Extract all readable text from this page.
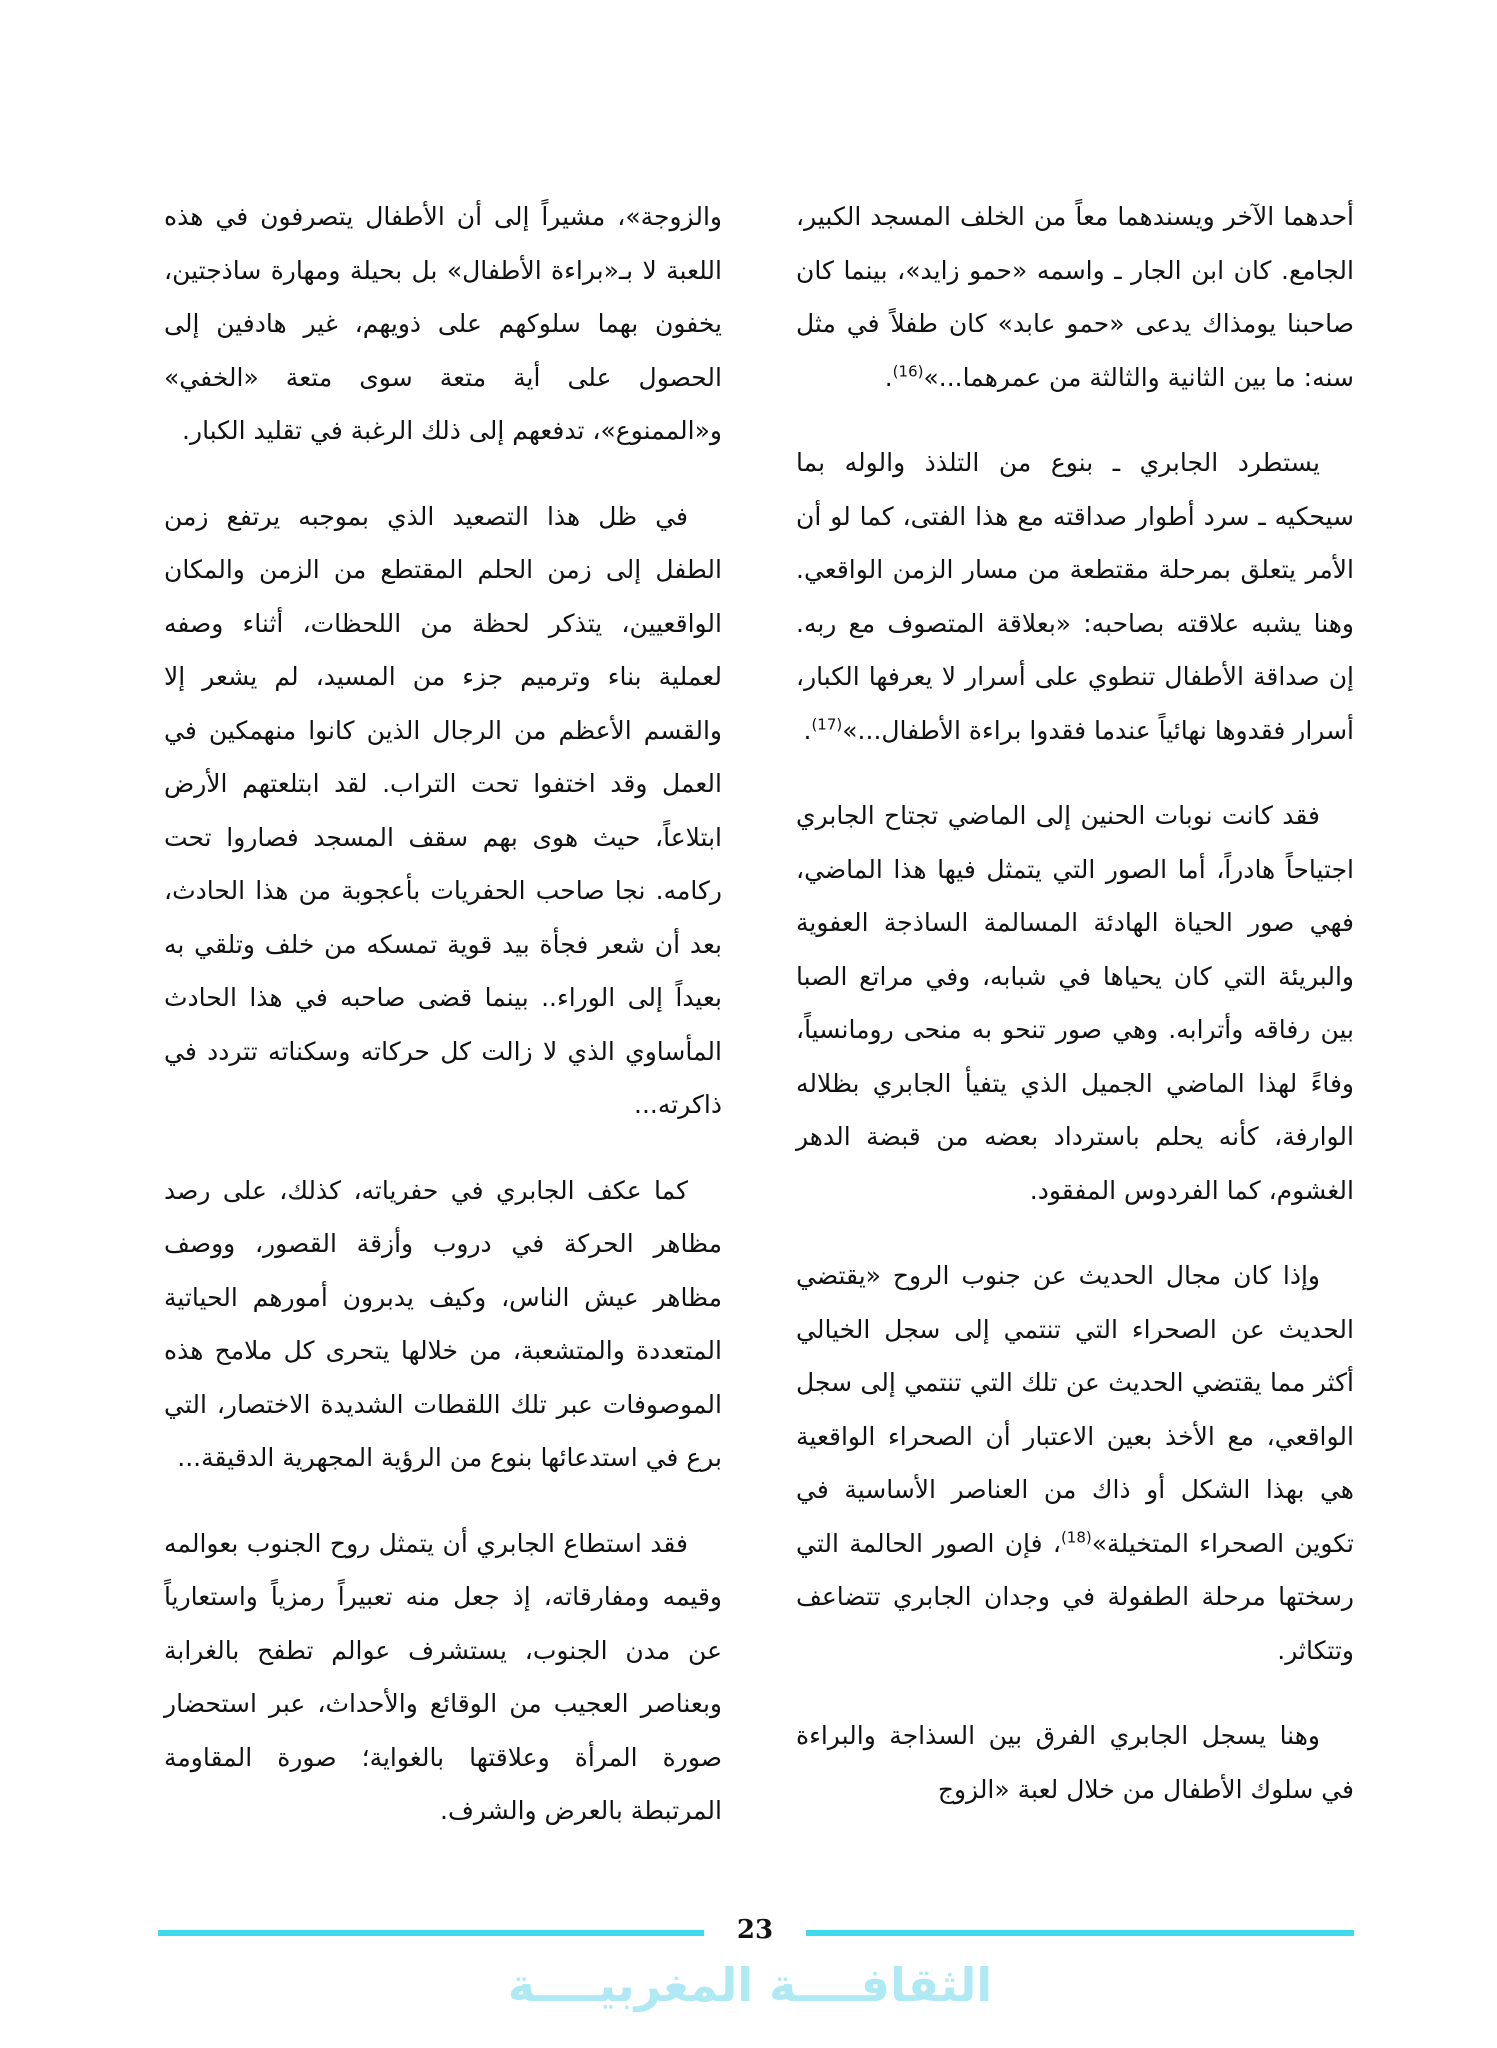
أحدهما الآخر ويسندهما معاً من الخلف المسجد الكبير، الجامع. كان ابن الجار ـ واسمه «حمو زايد»، بينما كان صاحبنا يومذاك يدعى «حمو عابد» كان طفلاً في مثل سنه: ما بين الثانية والثالثة من عمرهما...»$^{(16)}$.

يستطرد الجابري ـ بنوع من التلذذ والوله بما سيحكيه ـ سرد أطوار صداقته مع هذا الفتى، كما لو أن الأمر يتعلق بمرحلة مقتطعة من مسار الزمن الواقعي. وهنا يشبه علاقته بصاحبه: «بعلاقة المتصوف مع ربه. إن صداقة الأطفال تنطوي على أسرار لا يعرفها الكبار، أسرار فقدوها نهائياً عندما فقدوا براءة الأطفال...»$^{(17)}$.

فقد كانت نوبات الحنين إلى الماضي تجتاح الجابري اجتياحاً هادراً، أما الصور التي يتمثل فيها هذا الماضي، فهي صور الحياة الهادئة المسالمة الساذجة العفوية والبريئة التي كان يحياها في شبابه، وفي مراتع الصبا بين رفاقه وأترابه. وهي صور تنحو به منحى رومانسياً، وفاءً لهذا الماضي الجميل الذي يتفيأ الجابري بظلاله الوارفة، كأنه يحلم باسترداد بعضه من قبضة الدهر الغشوم، كما الفردوس المفقود.

وإذا كان مجال الحديث عن جنوب الروح «يقتضي الحديث عن الصحراء التي تنتمي إلى سجل الخيالي أكثر مما يقتضي الحديث عن تلك التي تنتمي إلى سجل الواقعي، مع الأخذ بعين الاعتبار أن الصحراء الواقعية هي بهذا الشكل أو ذاك من العناصر الأساسية في تكوين الصحراء المتخيلة»$^{(18)}$، فإن الصور الحالمة التي رسختها مرحلة الطفولة في وجدان الجابري تتضاعف وتتكاثر.

وهنا يسجل الجابري الفرق بين السذاجة والبراءة في سلوك الأطفال من خلال لعبة «الزوج

والزوجة»، مشيراً إلى أن الأطفال يتصرفون في هذه اللعبة لا بـ«براءة الأطفال» بل بحيلة ومهارة ساذجتين، يخفون بهما سلوكهم على ذويهم، غير هادفين إلى الحصول على أية متعة سوى متعة «الخفي» و«الممنوع»، تدفعهم إلى ذلك الرغبة في تقليد الكبار.

في ظل هذا التصعيد الذي بموجبه يرتفع زمن الطفل إلى زمن الحلم المقتطع من الزمن والمكان الواقعيين، يتذكر لحظة من اللحظات، أثناء وصفه لعملية بناء وترميم جزء من المسيد، لم يشعر إلا والقسم الأعظم من الرجال الذين كانوا منهمكين في العمل وقد اختفوا تحت التراب. لقد ابتلعتهم الأرض ابتلاعاً، حيث هوى بهم سقف المسجد فصاروا تحت ركامه. نجا صاحب الحفريات بأعجوبة من هذا الحادث، بعد أن شعر فجأة بيد قوية تمسكه من خلف وتلقي به بعيداً إلى الوراء.. بينما قضى صاحبه في هذا الحادث المأساوي الذي لا زالت كل حركاته وسكناته تتردد في ذاكرته...

كما عكف الجابري في حفرياته، كذلك، على رصد مظاهر الحركة في دروب وأزقة القصور، ووصف مظاهر عيش الناس، وكيف يدبرون أمورهم الحياتية المتعددة والمتشعبة، من خلالها يتحرى كل ملامح هذه الموصوفات عبر تلك اللقطات الشديدة الاختصار، التي برع في استدعائها بنوع من الرؤية المجهرية الدقيقة...

فقد استطاع الجابري أن يتمثل روح الجنوب بعوالمه وقيمه ومفارقاته، إذ جعل منه تعبيراً رمزياً واستعارياً عن مدن الجنوب، يستشرف عوالم تطفح بالغرابة وبعناصر العجيب من الوقائع والأحداث، عبر استحضار صورة المرأة وعلاقتها بالغواية؛ صورة المقاومة المرتبطة بالعرض والشرف.

23
الثقافــــة المغربيــــة
